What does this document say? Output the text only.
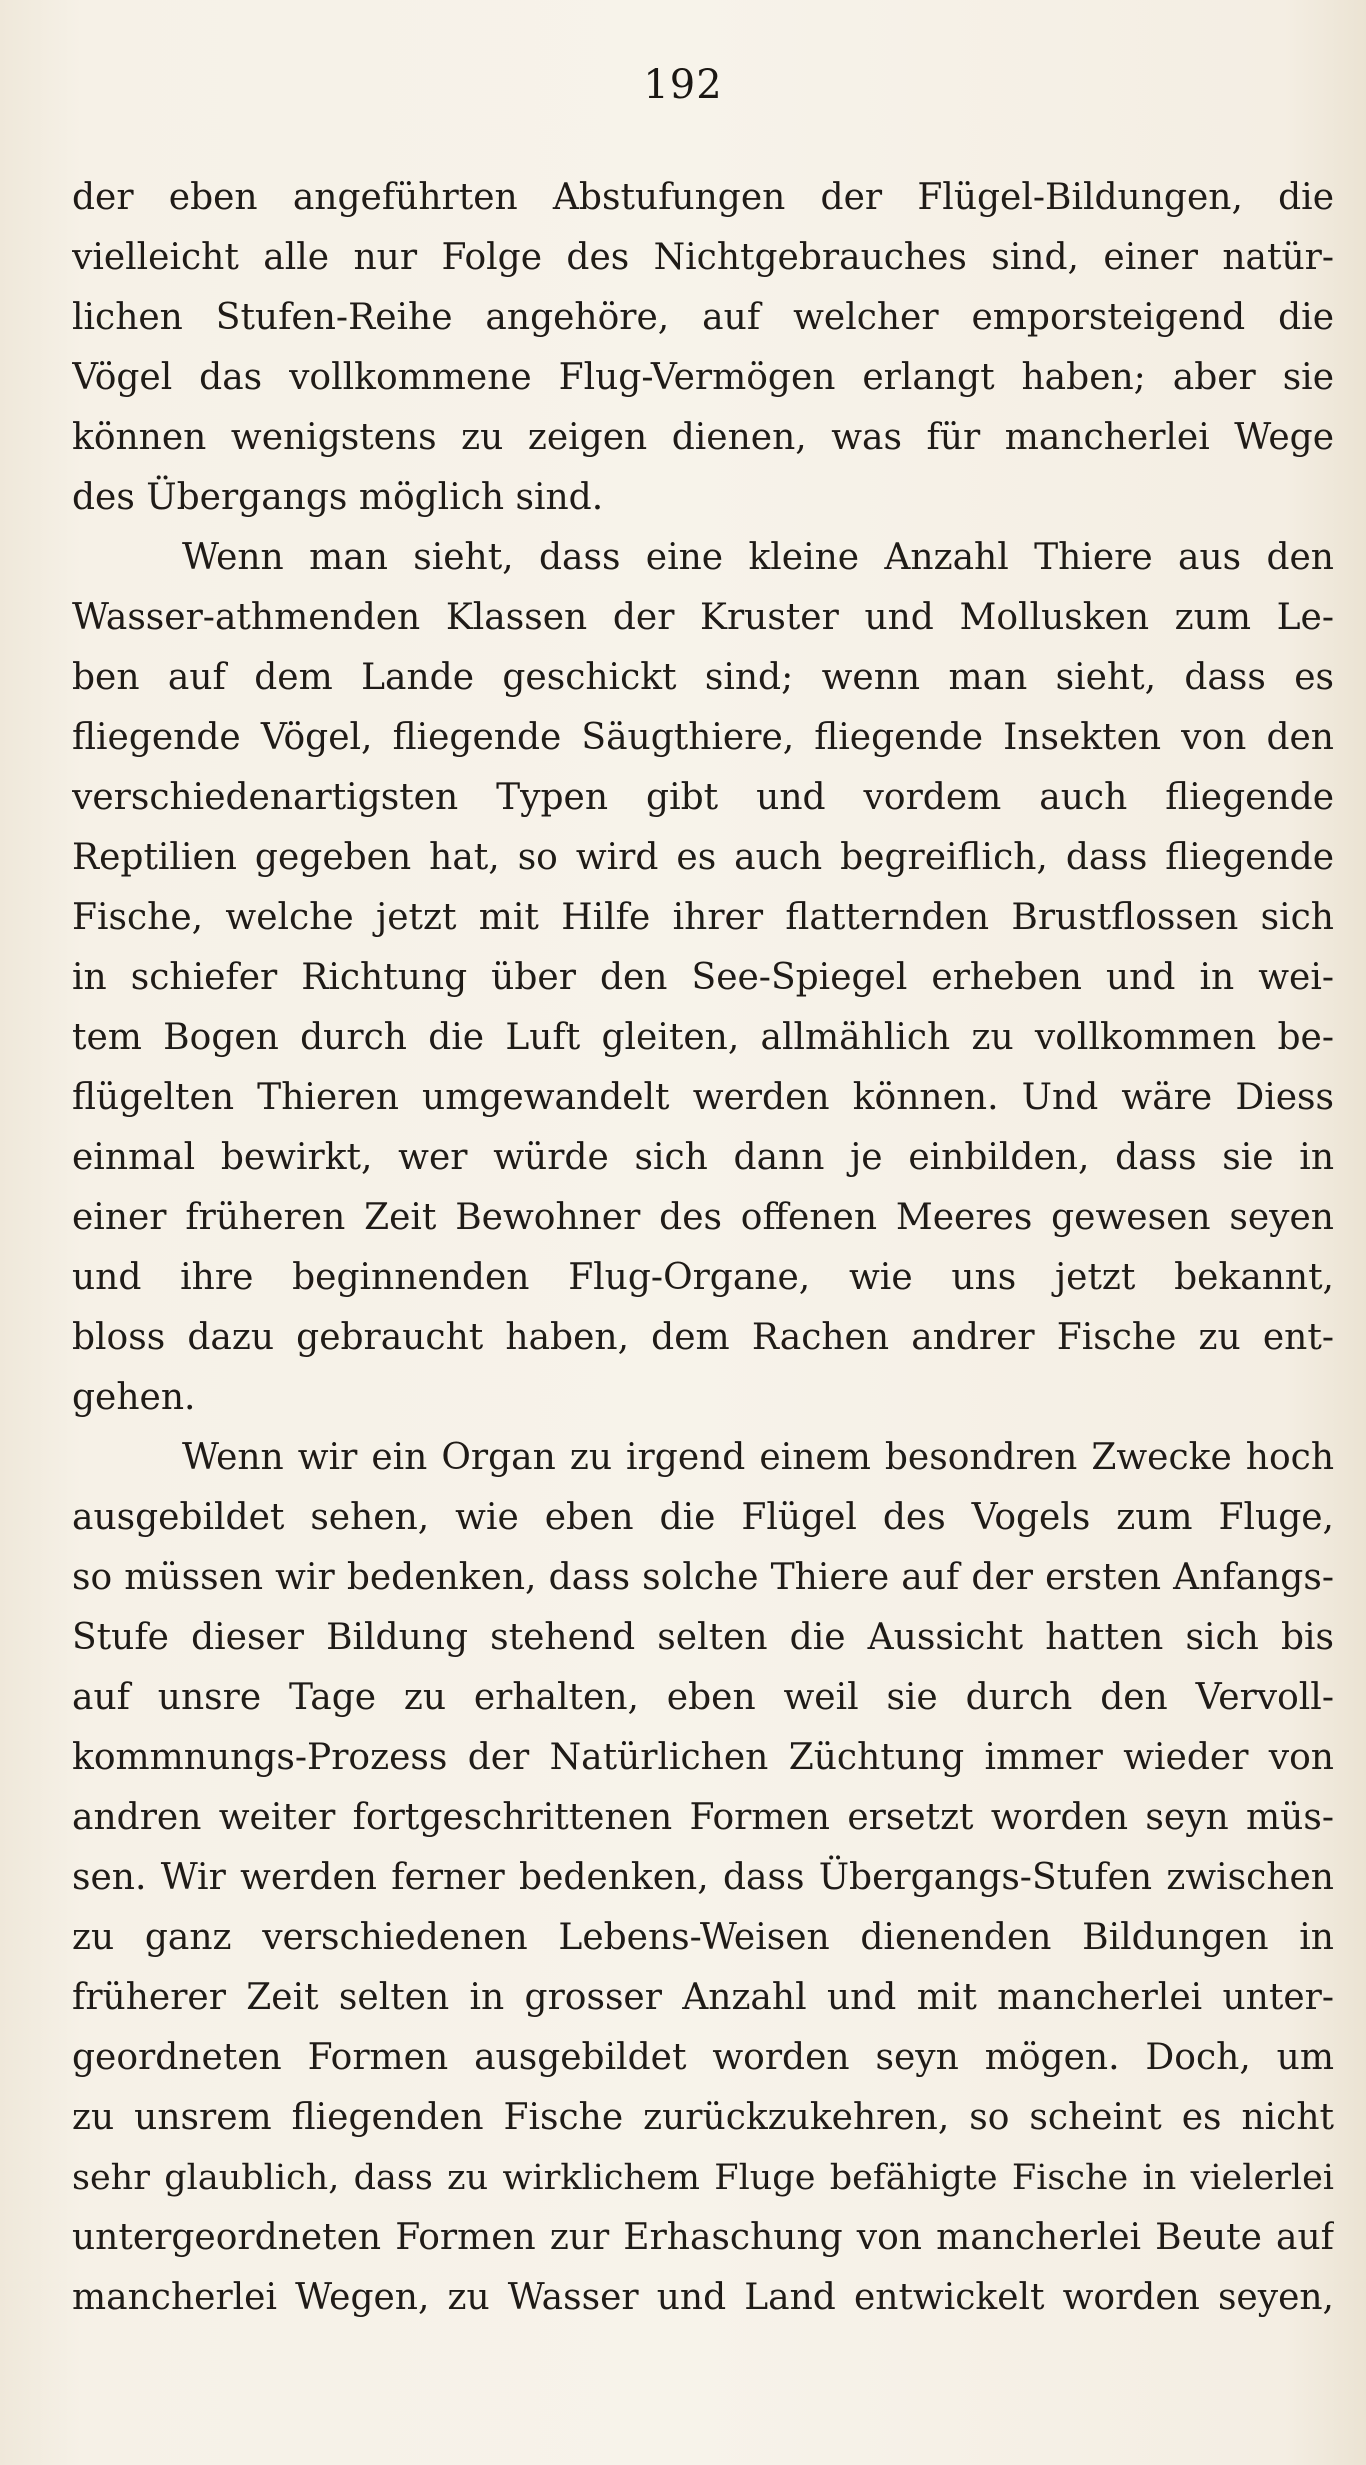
192
der eben angeführten Abstufungen der Flügel-Bildungen, die
vielleicht alle nur Folge des Nichtgebrauches sind, einer natür-
lichen Stufen-Reihe angehöre, auf welcher emporsteigend die
Vögel das vollkommene Flug-Vermögen erlangt haben; aber sie
können wenigstens zu zeigen dienen, was für mancherlei Wege
des Übergangs möglich sind.
Wenn man sieht, dass eine kleine Anzahl Thiere aus den
Wasser-athmenden Klassen der Kruster und Mollusken zum Le-
ben auf dem Lande geschickt sind; wenn man sieht, dass es
fliegende Vögel, fliegende Säugthiere, fliegende Insekten von den
verschiedenartigsten Typen gibt und vordem auch fliegende
Reptilien gegeben hat, so wird es auch begreiflich, dass fliegende
Fische, welche jetzt mit Hilfe ihrer flatternden Brustflossen sich
in schiefer Richtung über den See-Spiegel erheben und in wei-
tem Bogen durch die Luft gleiten, allmählich zu vollkommen be-
flügelten Thieren umgewandelt werden können. Und wäre Diess
einmal bewirkt, wer würde sich dann je einbilden, dass sie in
einer früheren Zeit Bewohner des offenen Meeres gewesen seyen
und ihre beginnenden Flug-Organe, wie uns jetzt bekannt,
bloss dazu gebraucht haben, dem Rachen andrer Fische zu ent-
gehen.
Wenn wir ein Organ zu irgend einem besondren Zwecke hoch
ausgebildet sehen, wie eben die Flügel des Vogels zum Fluge,
so müssen wir bedenken, dass solche Thiere auf der ersten Anfangs-
Stufe dieser Bildung stehend selten die Aussicht hatten sich bis
auf unsre Tage zu erhalten, eben weil sie durch den Vervoll-
kommnungs-Prozess der Natürlichen Züchtung immer wieder von
andren weiter fortgeschrittenen Formen ersetzt worden seyn müs-
sen. Wir werden ferner bedenken, dass Übergangs-Stufen zwischen
zu ganz verschiedenen Lebens-Weisen dienenden Bildungen in
früherer Zeit selten in grosser Anzahl und mit mancherlei unter-
geordneten Formen ausgebildet worden seyn mögen. Doch, um
zu unsrem fliegenden Fische zurückzukehren, so scheint es nicht
sehr glaublich, dass zu wirklichem Fluge befähigte Fische in vielerlei
untergeordneten Formen zur Erhaschung von mancherlei Beute auf
mancherlei Wegen, zu Wasser und Land entwickelt worden seyen,
